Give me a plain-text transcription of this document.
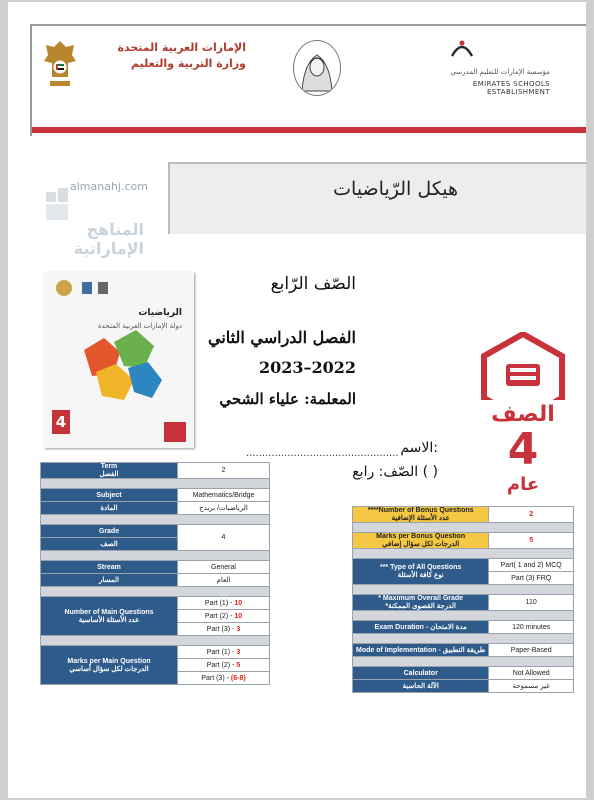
الإمارات العربية المتحدة
وزارة التربية والتعليم
مؤسسة الإمارات للتعليم المدرسي
EMIRATES SCHOOLS ESTABLISHMENT
هيكل الرّياضيات
almanahj.com
المناهج الإماراتية
الرياضيات
دولة الإمارات العربية المتحدة
4
الصّف الرّابع
الفصل الدراسي الثاني
2023–2022
المعلمة: علياء الشحي
................................................ الاسم:
الصّف: رابع ( )
الصف
4
عام
Term
الفصل	2

Subject	Mathematics/Bridge
المادة	الرياضيات/ بريدج

Grade	4
الصف	

Stream	General
المسار	العام

Number of Main Questions
عدد الأسئلة الأساسية	Part (1) - 10
	Part (2) - 10
	Part (3) - 3

Marks per Main Question
الدرجات لكل سؤال أساسي	Part (1) - 3
	Part (2) - 5
	Part (3) - (6-8)
****Number of Bonus Questions
عدد الأسئلة الإضافية	2

Marks per Bonus Question
الدرجات لكل سؤال إضافي	5

*** Type of All Questions
نوع كافة الأسئلة	Part( 1 and 2) MCQ
	Part (3) FRQ

* Maximum Overall Grade
*الدرجة القصوى الممكنة	110

Exam Duration - مدة الامتحان	120 minutes

Mode of Implementation - طريقة التطبيق	Paper-Based

Calculator	Not Allowed
الآلة الحاسبة	غير مسموحة
